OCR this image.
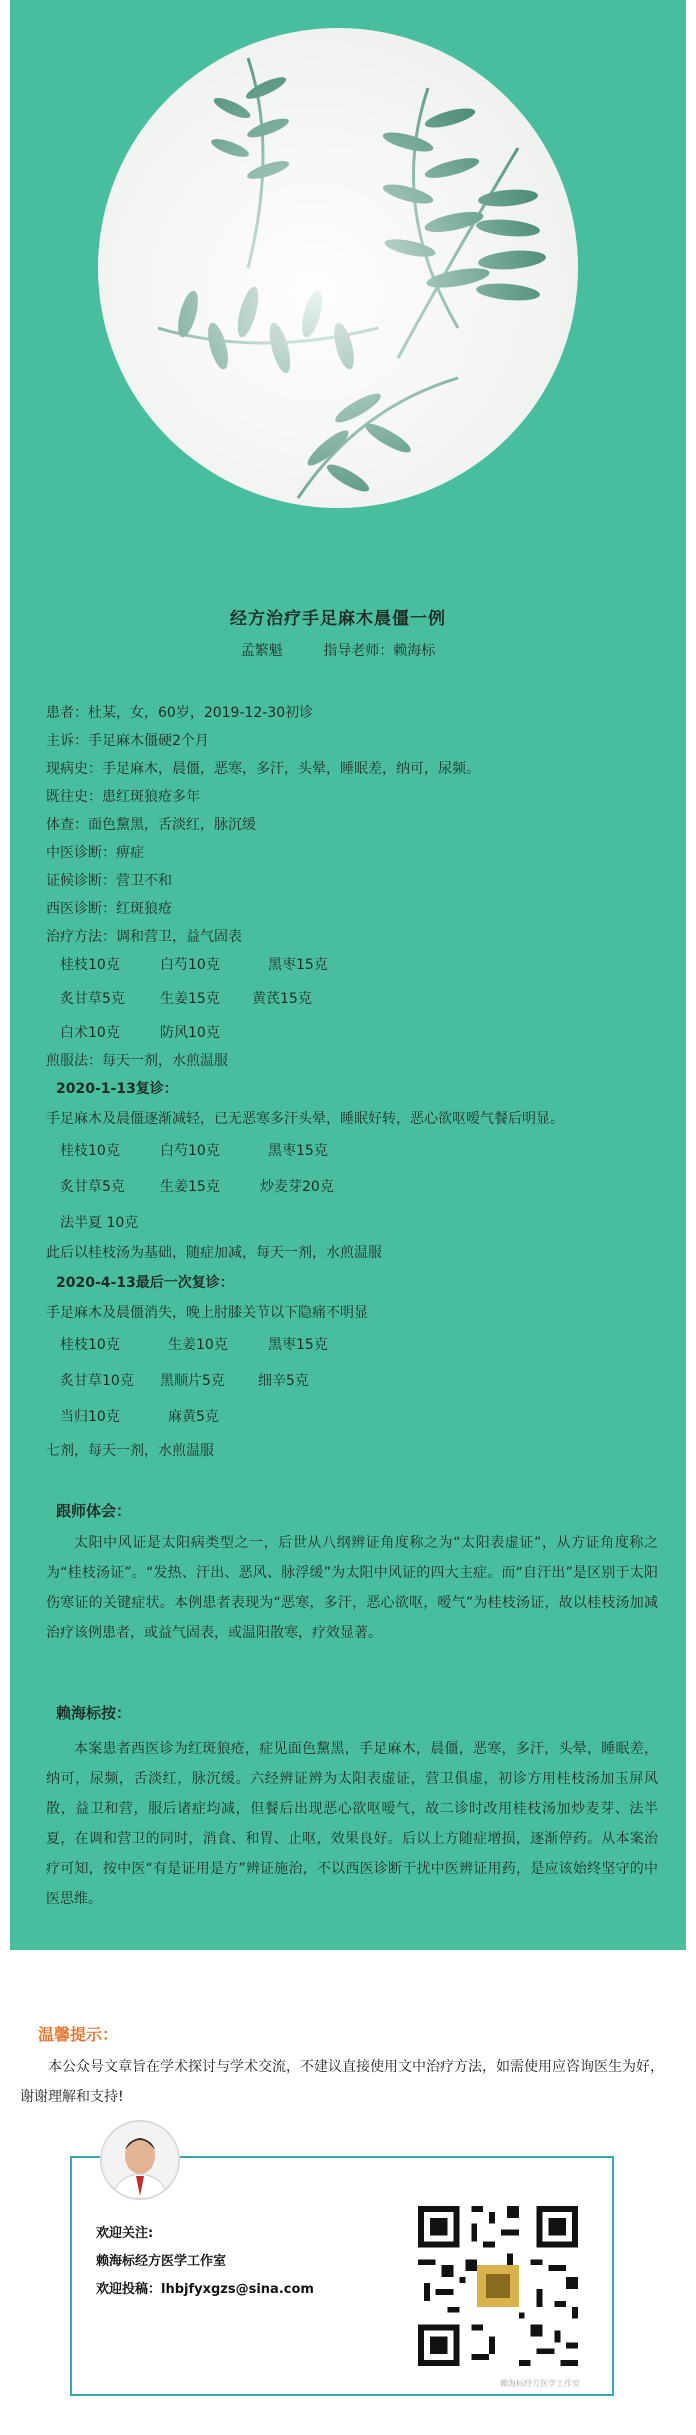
经方治疗手足麻木晨僵一例
孟繁魁	指导老师：赖海标
患者：杜某，女，60岁，2019-12-30初诊
主诉：手足麻木僵硬2个月
现病史：手足麻木，晨僵，恶寒，多汗，头晕，睡眠差，纳可，尿频。
既往史：患红斑狼疮多年
体查：面色黧黑，舌淡红，脉沉缓
中医诊断：痹症
证候诊断：营卫不和
西医诊断：红斑狼疮
治疗方法：调和营卫，益气固表
桂枝10克	白芍10克	黑枣15克
炙甘草5克	生姜15克 黄芪15克
白术10克	防风10克
煎服法：每天一剂，水煎温服
2020-1-13复诊：
手足麻木及晨僵逐渐减轻，已无恶寒多汗头晕，睡眠好转，恶心欲呕嗳气餐后明显。
桂枝10克	白芍10克	黑枣15克
炙甘草5克	生姜15克	炒麦芽20克
法半夏 10克
此后以桂枝汤为基础，随症加减，每天一剂，水煎温服
2020-4-13最后一次复诊：
手足麻木及晨僵消失，晚上肘膝关节以下隐痛不明显
桂枝10克	生姜10克	黑枣15克
炙甘草10克 黑顺片5克 细辛5克
当归10克	麻黄5克
七剂，每天一剂，水煎温服
跟师体会：
太阳中风证是太阳病类型之一，后世从八纲辨证角度称之为“太阳表虚证”，从方证角度称之为“桂枝汤证”。“发热、汗出、恶风、脉浮缓”为太阳中风证的四大主症。而“自汗出”是区别于太阳伤寒证的关键症状。本例患者表现为“恶寒，多汗，恶心欲呕，嗳气”为桂枝汤证，故以桂枝汤加减治疗该例患者，或益气固表，或温阳散寒，疗效显著。
赖海标按：
本案患者西医诊为红斑狼疮，症见面色黧黑，手足麻木，晨僵，恶寒，多汗，头晕，睡眠差，纳可，尿频，舌淡红，脉沉缓。六经辨证辨为太阳表虚证，营卫俱虚，初诊方用桂枝汤加玉屏风散，益卫和营，服后诸症均减，但餐后出现恶心欲呕嗳气，故二诊时改用桂枝汤加炒麦芽、法半夏，在调和营卫的同时，消食、和胃、止呕，效果良好。后以上方随症增损，逐渐停药。从本案治疗可知，按中医“有是证用是方”辨证施治，不以西医诊断干扰中医辨证用药，是应该始终坚守的中医思维。
温馨提示：
本公众号文章旨在学术探讨与学术交流，不建议直接使用文中治疗方法，如需使用应咨询医生为好，谢谢理解和支持!
欢迎关注:
赖海标经方医学工作室
欢迎投稿：lhbjfyxgzs@sina.com
赖海标经方医学工作室
